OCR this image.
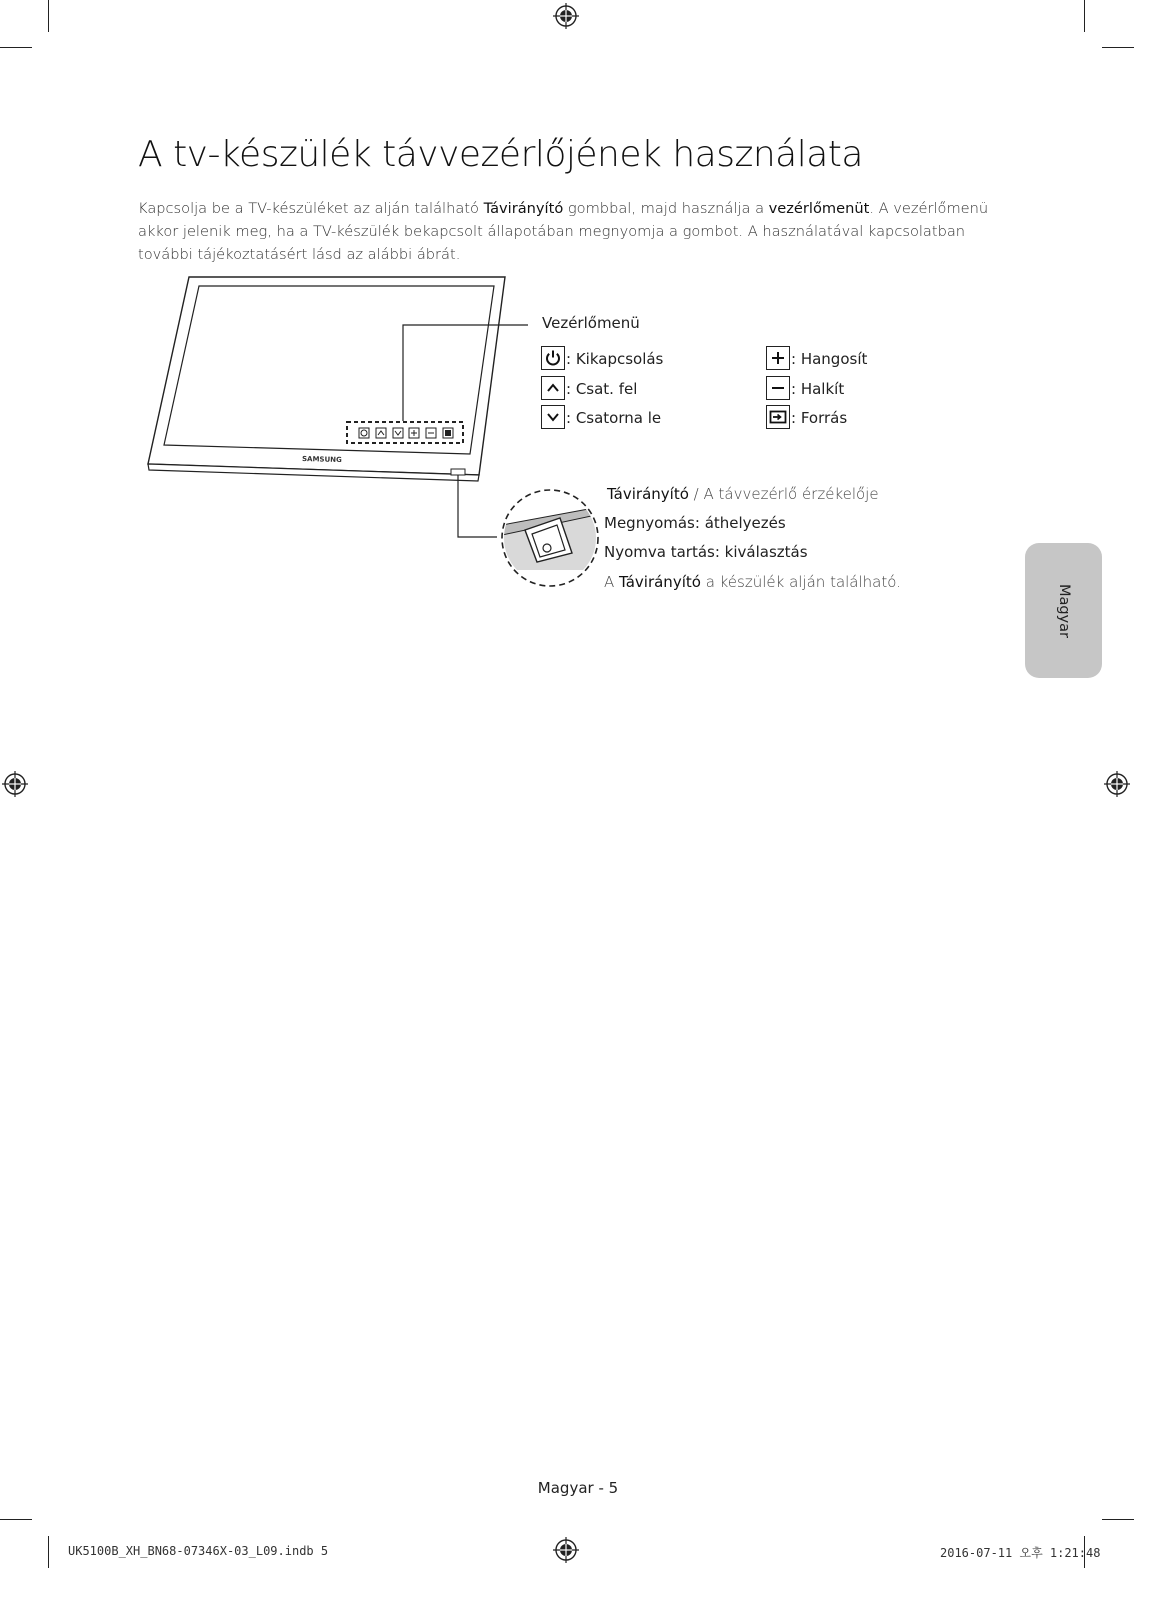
A tv-készülék távvezérlőjének használata
Kapcsolja be a TV-készüléket az alján található Távirányító gombbal, majd használja a vezérlőmenüt. A vezérlőmenü akkor jelenik meg, ha a TV-készülék bekapcsolt állapotában megnyomja a gombot. A használatával kapcsolatban további tájékoztatásért lásd az alábbi ábrát.
SAMSUNG
Vezérlőmenü
: Kikapcsolás
: Csat. fel
: Csatorna le
: Hangosít
: Halkít
: Forrás
Távirányító / A távvezérlő érzékelője
Megnyomás: áthelyezés
Nyomva tartás: kiválasztás
A Távirányító a készülék alján található.
Magyar
Magyar - 5
UK5100B_XH_BN68-07346X-03_L09.indb 5	2016-07-11 오후 1:21:48
